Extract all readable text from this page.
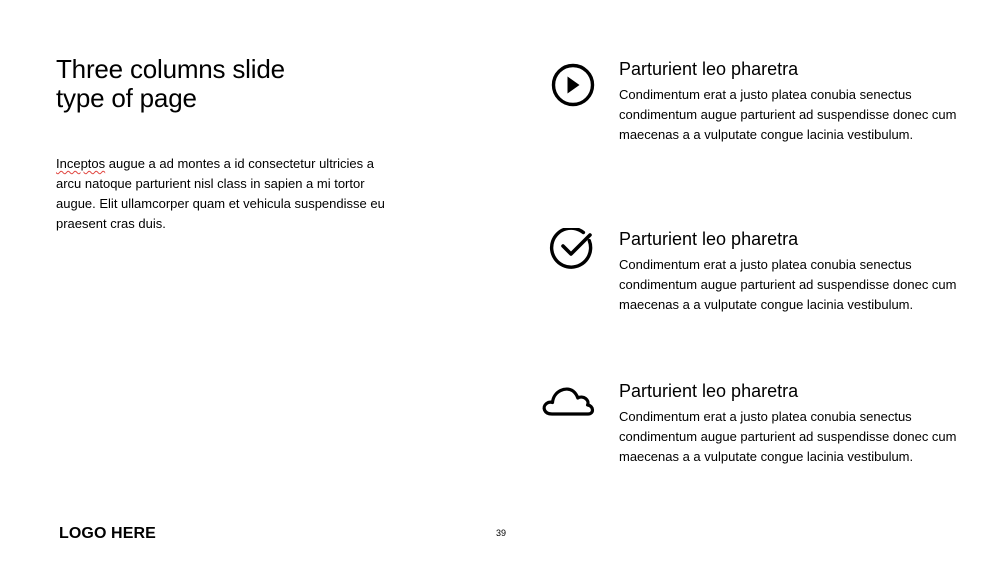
Three columns slide
type of page

Inceptos augue a ad montes a id consectetur ultricies a arcu natoque parturient nisl class in sapien a mi tortor augue. Elit ullamcorper quam et vehicula suspendisse eu praesent cras duis.

Parturient leo pharetra

Condimentum erat a justo platea conubia senectus condimentum augue parturient ad suspendisse donec cum maecenas a a vulputate congue lacinia vestibulum.

Parturient leo pharetra

Condimentum erat a justo platea conubia senectus condimentum augue parturient ad suspendisse donec cum maecenas a a vulputate congue lacinia vestibulum.

Parturient leo pharetra

Condimentum erat a justo platea conubia senectus condimentum augue parturient ad suspendisse donec cum maecenas a a vulputate congue lacinia vestibulum.

LOGO HERE	39
